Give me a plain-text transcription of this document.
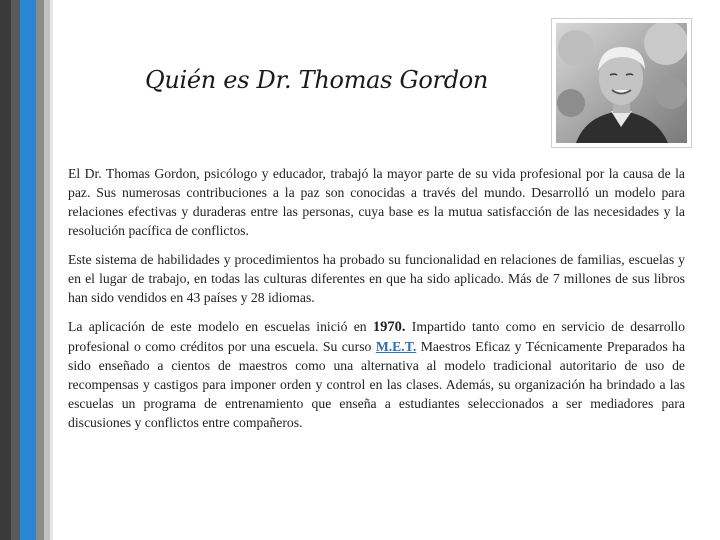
Quién es Dr. Thomas Gordon

El Dr. Thomas Gordon, psicólogo y educador, trabajó la mayor parte de su vida profesional por la causa de la paz. Sus numerosas contribuciones a la paz son conocidas a través del mundo. Desarrolló un modelo para relaciones efectivas y duraderas entre las personas, cuya base es la mutua satisfacción de las necesidades y la resolución pacífica de conflictos.

Este sistema de habilidades y procedimientos ha probado su funcionalidad en relaciones de familias, escuelas y en el lugar de trabajo, en todas las culturas diferentes en que ha sido aplicado. Más de 7 millones de sus libros han sido vendidos en 43 países y 28 idiomas.

La aplicación de este modelo en escuelas inició en 1970. Impartido tanto como en servicio de desarrollo profesional o como créditos por una escuela. Su curso M.E.T. Maestros Eficaz y Técnicamente Preparados ha sido enseñado a cientos de maestros como una alternativa al modelo tradicional autoritario de uso de recompensas y castigos para imponer orden y control en las clases. Además, su organización ha brindado a las escuelas un programa de entrenamiento que enseña a estudiantes seleccionados a ser mediadores para discusiones y conflictos entre compañeros.
